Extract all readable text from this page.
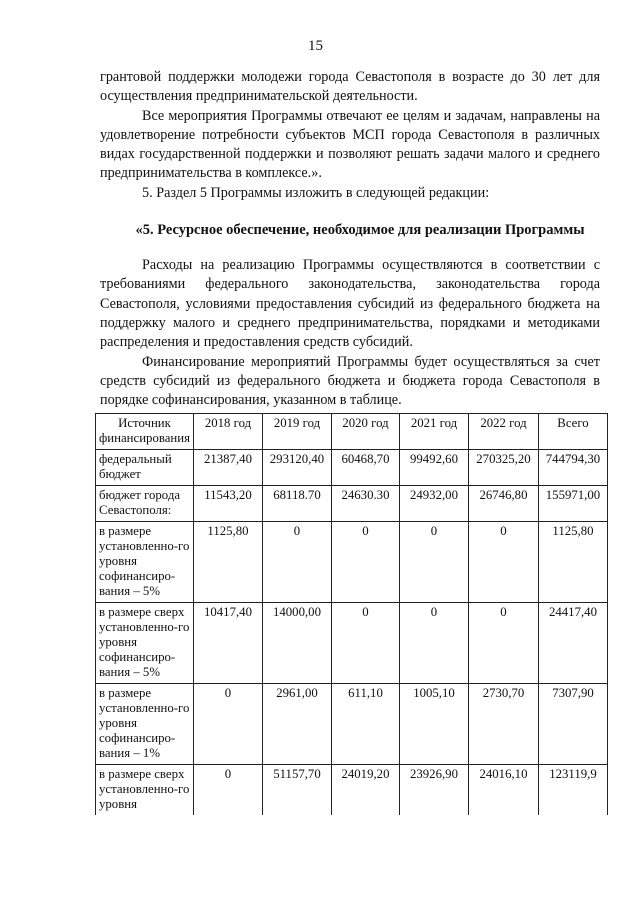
15

грантовой поддержки молодежи города Севастополя в возрасте до 30 лет для осуществления предпринимательской деятельности.

Все мероприятия Программы отвечают ее целям и задачам, направлены на удовлетворение потребности субъектов МСП города Севастополя в различных видах государственной поддержки и позволяют решать задачи малого и среднего предпринимательства в комплексе.».

5. Раздел 5 Программы изложить в следующей редакции:

«5. Ресурсное обеспечение, необходимое для реализации Программы

Расходы на реализацию Программы осуществляются в соответствии с требованиями федерального законодательства, законодательства города Севастополя, условиями предоставления субсидий из федерального бюджета на поддержку малого и среднего предпринимательства, порядками и методиками распределения и предоставления средств субсидий.

Финансирование мероприятий Программы будет осуществляться за счет средств субсидий из федерального бюджета и бюджета города Севастополя в порядке софинансирования, указанном в таблице.

Источник финансирования	2018 год	2019 год	2020 год	2021 год	2022 год	Всего
федеральный бюджет	21387,40	293120,40	60468,70	99492,60	270325,20	744794,30
бюджет города Севастополя:	11543,20	68118.70	24630.30	24932,00	26746,80	155971,00
в размере установленно-го уровня софинансиро-вания – 5%	1125,80	0	0	0	0	1125,80
в размере сверх установленно-го уровня софинансиро-вания – 5%	10417,40	14000,00	0	0	0	24417,40
в размере установленно-го уровня софинансиро-вания – 1%	0	2961,00	611,10	1005,10	2730,70	7307,90
в размере сверх установленно-го уровня	0	51157,70	24019,20	23926,90	24016,10	123119,9
